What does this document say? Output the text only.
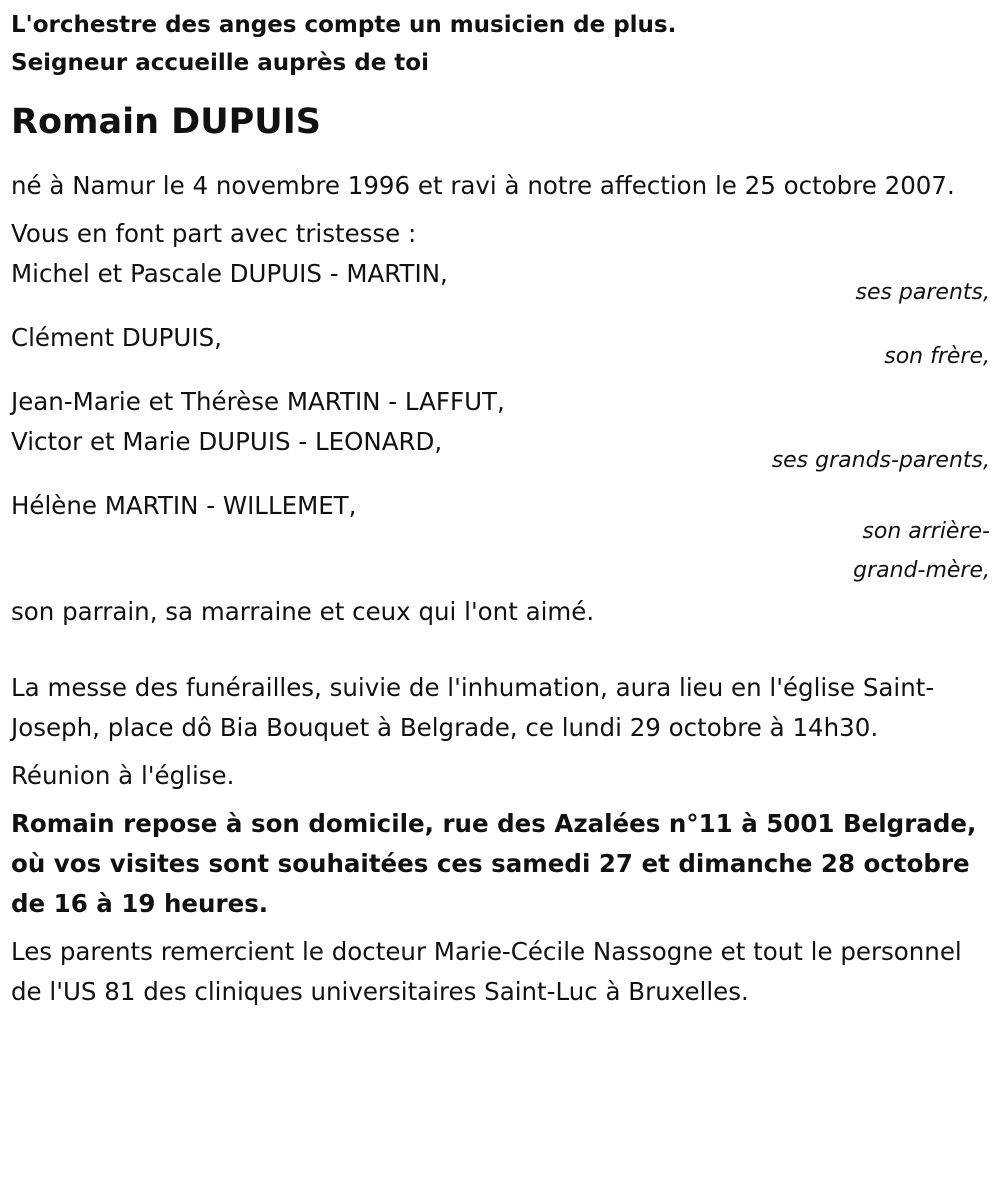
L'orchestre des anges compte un musicien de plus.

Seigneur accueille auprès de toi

Romain DUPUIS

né à Namur le 4 novembre 1996 et ravi à notre affection le 25 octobre 2007.

Vous en font part avec tristesse :

Michel et Pascale DUPUIS - MARTIN,

ses parents,

Clément DUPUIS,

son frère,

Jean-Marie et Thérèse MARTIN - LAFFUT,

Victor et Marie DUPUIS - LEONARD,

ses grands-parents,

Hélène MARTIN - WILLEMET,

son arrière-
grand-mère,

son parrain, sa marraine et ceux qui l'ont aimé.

La messe des funérailles, suivie de l'inhumation, aura lieu en l'église Saint-Joseph, place dô Bia Bouquet à Belgrade, ce lundi 29 octobre à 14h30.

Réunion à l'église.

Romain repose à son domicile, rue des Azalées n°11 à 5001 Belgrade, où vos visites sont souhaitées ces samedi 27 et dimanche 28 octobre de 16 à 19 heures.

Les parents remercient le docteur Marie-Cécile Nassogne et tout le personnel de l'US 81 des cliniques universitaires Saint-Luc à Bruxelles.
